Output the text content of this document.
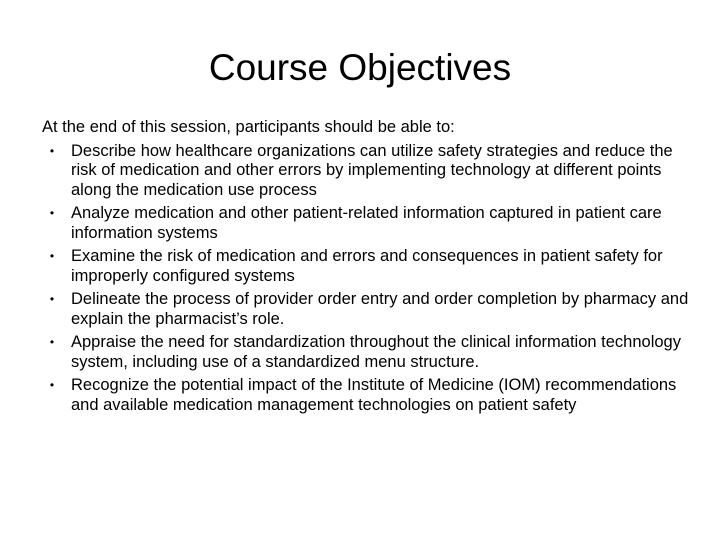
Course Objectives

At the end of this session, participants should be able to:

•	Describe how healthcare organizations can utilize safety strategies and reduce the risk of medication and other errors by implementing technology at different points along the medication use process
•	Analyze medication and other patient-related information captured in patient care information systems
•	Examine the risk of medication and errors and consequences in patient safety for improperly configured systems
•	Delineate the process of provider order entry and order completion by pharmacy and explain the pharmacist’s role.
•	Appraise the need for standardization throughout the clinical information technology system, including use of a standardized menu structure.
•	Recognize the potential impact of the Institute of Medicine (IOM) recommendations and available medication management technologies on patient safety
